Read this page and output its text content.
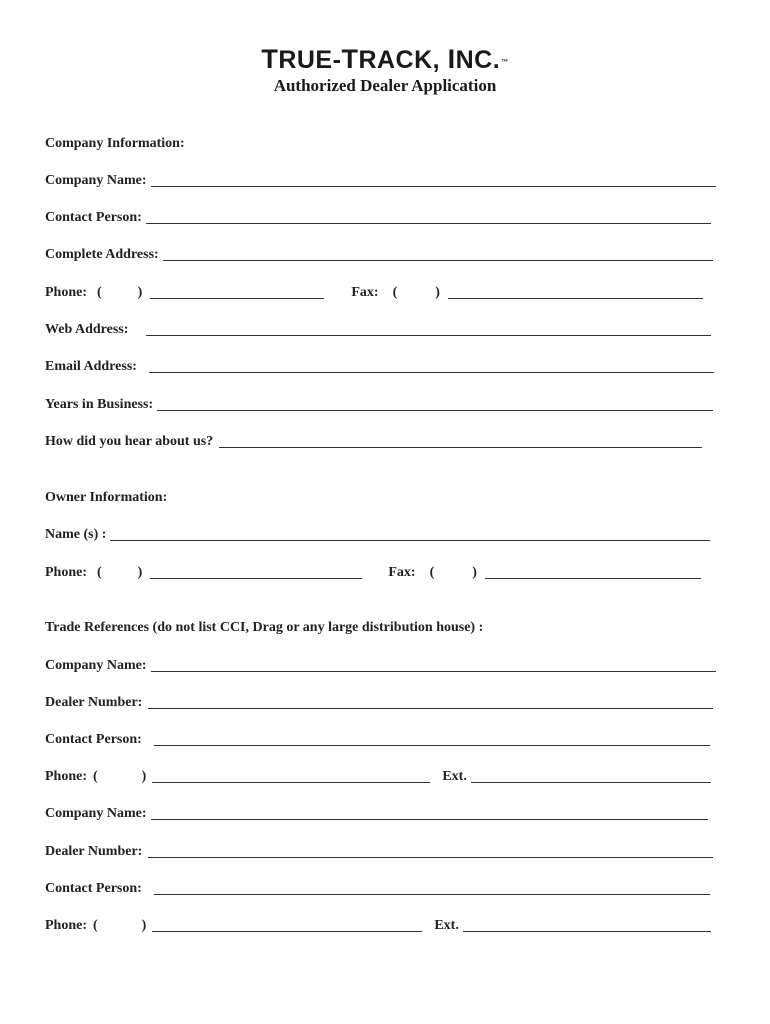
TRUE-TRACK, INC.™
Authorized Dealer Application
Company Information:
Company Name:
Contact Person:
Complete Address:
Phone: (	)	Fax: (	)
Web Address:
Email Address:
Years in Business:
How did you hear about us?
Owner Information:
Name (s) :
Phone: (	)	Fax: (	)
Trade References (do not list CCI, Drag or any large distribution house) :
Company Name:
Dealer Number:
Contact Person:
Phone: (	)	Ext.
Company Name:
Dealer Number:
Contact Person:
Phone: (	)	Ext.
